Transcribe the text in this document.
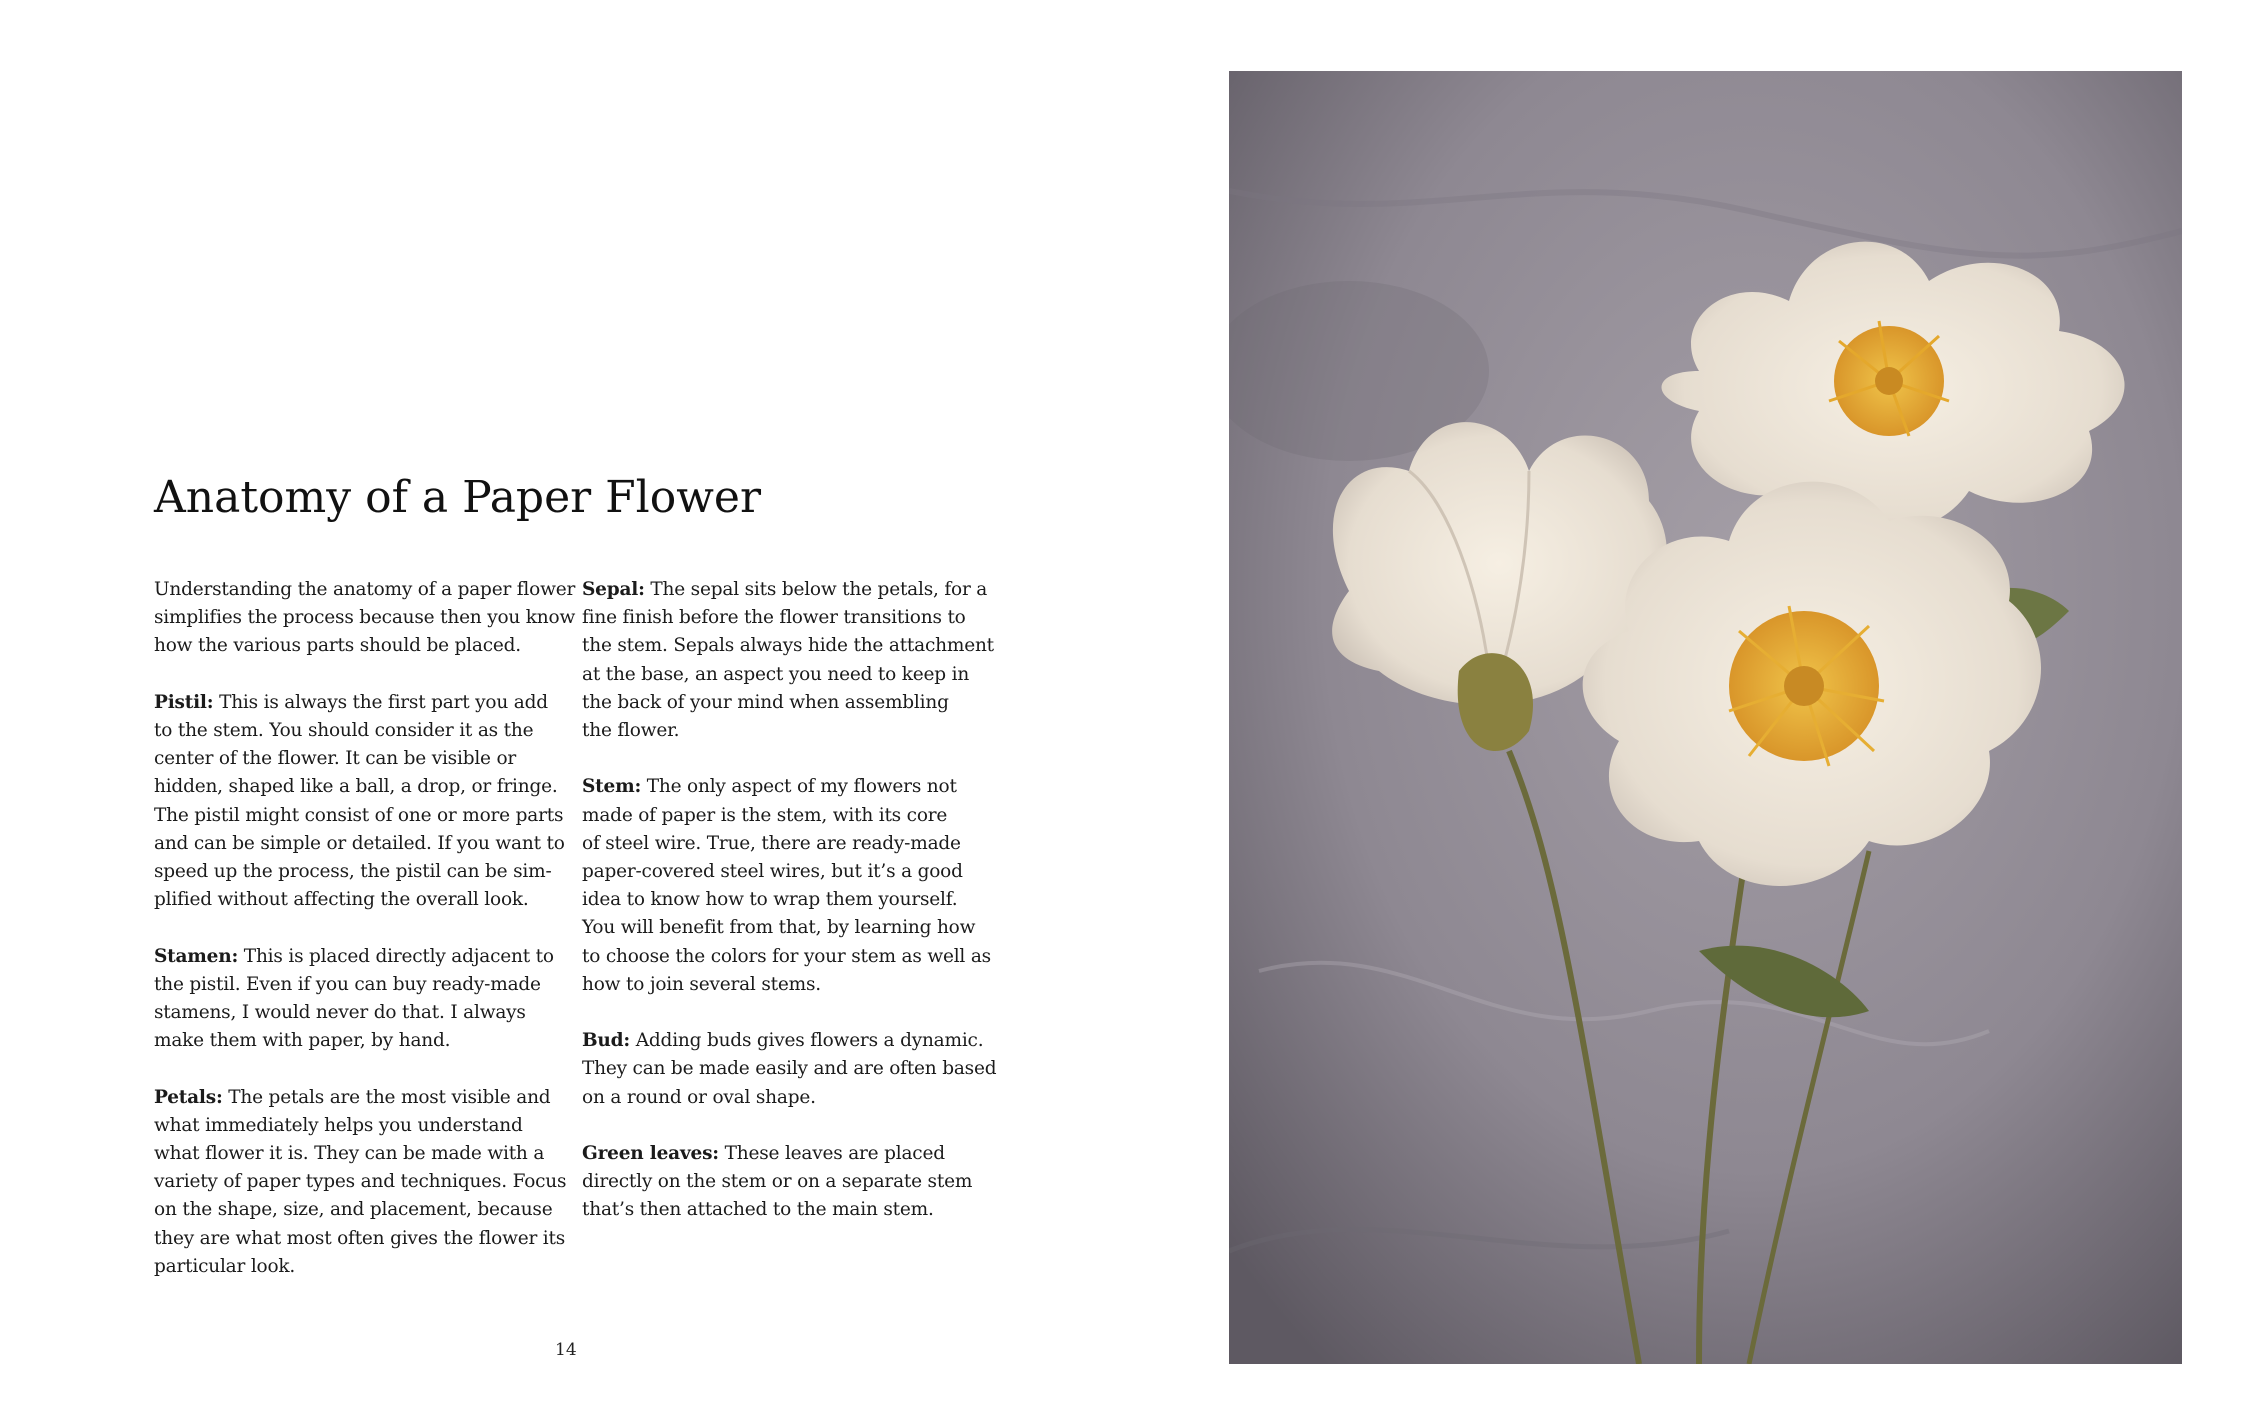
Anatomy of a Paper Flower
Understanding the anatomy of a paper flower
simplifies the process because then you know
how the various parts should be placed.
Pistil: This is always the first part you add
to the stem. You should consider it as the
center of the flower. It can be visible or
hidden, shaped like a ball, a drop, or fringe.
The pistil might consist of one or more parts
and can be simple or detailed. If you want to
speed up the process, the pistil can be sim-
plified without affecting the overall look.
Stamen: This is placed directly adjacent to
the pistil. Even if you can buy ready-made
stamens, I would never do that. I always
make them with paper, by hand.
Petals: The petals are the most visible and
what immediately helps you understand
what flower it is. They can be made with a
variety of paper types and techniques. Focus
on the shape, size, and placement, because
they are what most often gives the flower its
particular look.
Sepal: The sepal sits below the petals, for a
fine finish before the flower transitions to
the stem. Sepals always hide the attachment
at the base, an aspect you need to keep in
the back of your mind when assembling
the flower.
Stem: The only aspect of my flowers not
made of paper is the stem, with its core
of steel wire. True, there are ready-made
paper-covered steel wires, but it’s a good
idea to know how to wrap them yourself.
You will benefit from that, by learning how
to choose the colors for your stem as well as
how to join several stems.
Bud: Adding buds gives flowers a dynamic.
They can be made easily and are often based
on a round or oval shape.
Green leaves: These leaves are placed
directly on the stem or on a separate stem
that’s then attached to the main stem.
14
